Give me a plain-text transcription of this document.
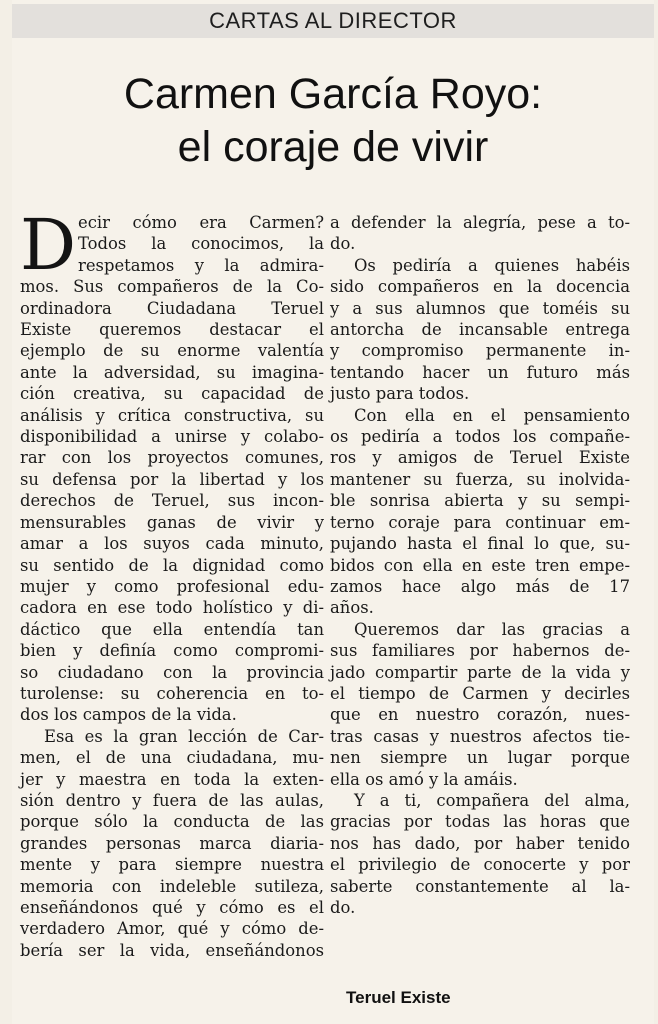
CARTAS AL DIRECTOR
Carmen García Royo:
el coraje de vivir
D ecir cómo era Carmen?
Todos la conocimos, la
respetamos y la admira-
mos. Sus compañeros de la Co-
ordinadora Ciudadana Teruel
Existe queremos destacar el
ejemplo de su enorme valentía
ante la adversidad, su imagina-
ción creativa, su capacidad de
análisis y crítica constructiva, su
disponibilidad a unirse y colabo-
rar con los proyectos comunes,
su defensa por la libertad y los
derechos de Teruel, sus incon-
mensurables ganas de vivir y
amar a los suyos cada minuto,
su sentido de la dignidad como
mujer y como profesional edu-
cadora en ese todo holístico y di-
dáctico que ella entendía tan
bien y definía como compromi-
so ciudadano con la provincia
turolense: su coherencia en to-
dos los campos de la vida.
Esa es la gran lección de Car-
men, el de una ciudadana, mu-
jer y maestra en toda la exten-
sión dentro y fuera de las aulas,
porque sólo la conducta de las
grandes personas marca diaria-
mente y para siempre nuestra
memoria con indeleble sutileza,
enseñándonos qué y cómo es el
verdadero Amor, qué y cómo de-
bería ser la vida, enseñándonos
a defender la alegría, pese a to-
do.
Os pediría a quienes habéis
sido compañeros en la docencia
y a sus alumnos que toméis su
antorcha de incansable entrega
y compromiso permanente in-
tentando hacer un futuro más
justo para todos.
Con ella en el pensamiento
os pediría a todos los compañe-
ros y amigos de Teruel Existe
mantener su fuerza, su inolvida-
ble sonrisa abierta y su sempi-
terno coraje para continuar em-
pujando hasta el final lo que, su-
bidos con ella en este tren empe-
zamos hace algo más de 17
años.
Queremos dar las gracias a
sus familiares por habernos de-
jado compartir parte de la vida y
el tiempo de Carmen y decirles
que en nuestro corazón, nues-
tras casas y nuestros afectos tie-
nen siempre un lugar porque
ella os amó y la amáis.
Y a ti, compañera del alma,
gracias por todas las horas que
nos has dado, por haber tenido
el privilegio de conocerte y por
saberte constantemente al la-
do.
Teruel Existe
